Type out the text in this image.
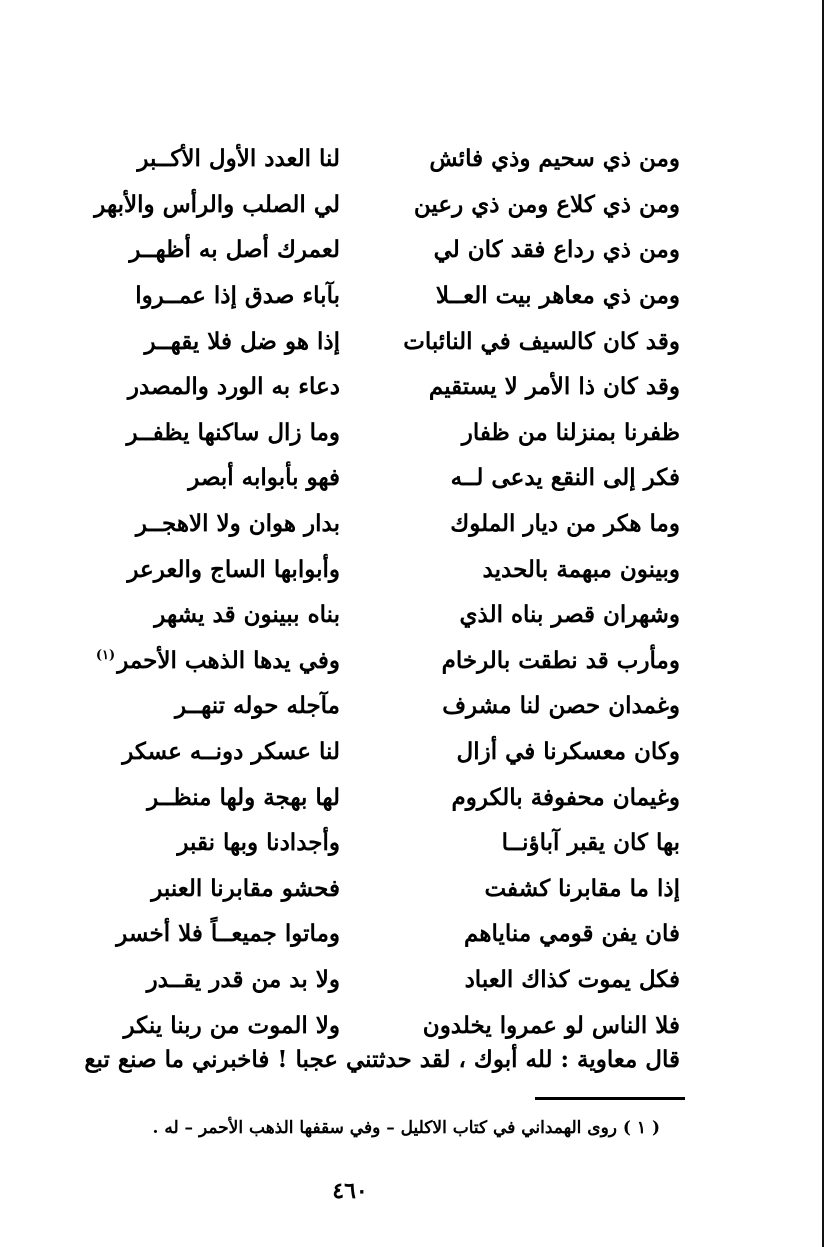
ومن ذي سحيم وذي فائش
لنا العدد الأول الأكــبر
ومن ذي كلاع ومن ذي رعين
لي الصلب والرأس والأبهر
ومن ذي رداع فقد كان لي
لعمرك أصل به أظهــر
ومن ذي معاهر بيت العــلا
بآباء صدق إذا عمــروا
وقد كان كالسيف في النائبات
إذا هو ضل فلا يقهــر
وقد كان ذا الأمر لا يستقيم
دعاء به الورد والمصدر
ظفرنا بمنزلنا من ظفار
وما زال ساكنها يظفــر
فكر إلى النقع يدعى لــه
فهو بأبوابه أبصر
وما هكر من ديار الملوك
بدار هوان ولا الاهجــر
وبينون مبهمة بالحديد
وأبوابها الساج والعرعر
وشهران قصر بناه الذي
بناه ببينون قد يشهر
ومأرب قد نطقت بالرخام
وفي يدها الذهب الأحمر$^{(١)}$
وغمدان حصن لنا مشرف
مآجله حوله تنهــر
وكان معسكرنا في أزال
لنا عسكر دونــه عسكر
وغيمان محفوفة بالكروم
لها بهجة ولها منظــر
بها كان يقبر آباؤنــا
وأجدادنا وبها نقبر
إذا ما مقابرنا كشفت
فحشو مقابرنا العنبر
فان يفن قومي مناياهم
وماتوا جميعــاً فلا أخسر
فكل يموت كذاك العباد
ولا بد من قدر يقــدر
فلا الناس لو عمروا يخلدون
ولا الموت من ربنا ينكر
قال معاوية : لله أبوك ، لقد حدثتني عجبا ! فاخبرني ما صنع تبع
( ١ ) روى الهمداني في كتاب الاكليل – وفي سقفها الذهب الأحمر – له .
٤٦٠
